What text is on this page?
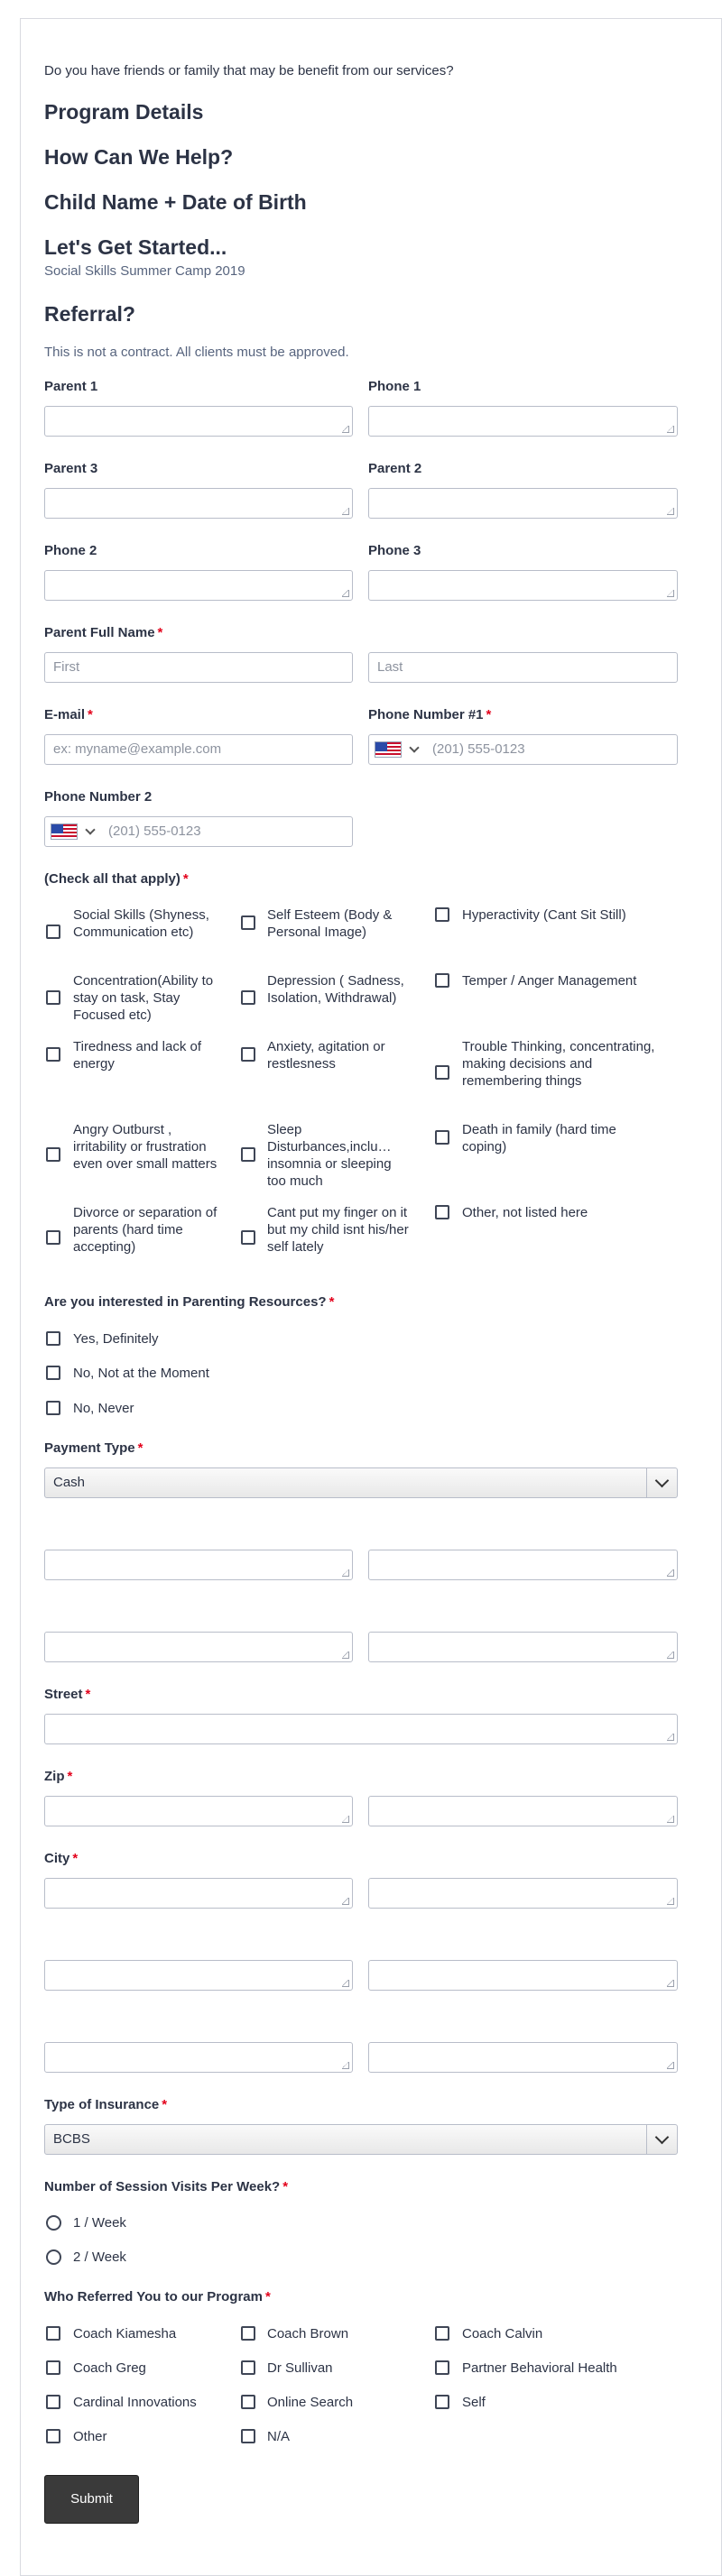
Do you have friends or family that may be benefit from our services?
Program Details
How Can We Help?
Child Name + Date of Birth
Let's Get Started...
Social Skills Summer Camp 2019
Referral?
This is not a contract. All clients must be approved.
Parent 1	Phone 1
Parent 3	Parent 2
Phone 2	Phone 3
Parent Full Name *
First	Last
E-mail *
ex: myname@example.com
Phone Number #1 *
(201) 555-0123
Phone Number 2
(201) 555-0123
(Check all that apply) *
Social Skills (Shyness, Communication etc)
Self Esteem (Body & Personal Image)
Hyperactivity (Cant Sit Still)
Concentration(Ability to stay on task, Stay Focused etc)
Depression ( Sadness, Isolation, Withdrawal)
Temper / Anger Management
Tiredness and lack of energy
Anxiety, agitation or restlesness
Trouble Thinking, concentrating, making decisions and remembering things
Angry Outburst , irritability or frustration even over small matters
Sleep Disturbances,inclu… insomnia or sleeping too much
Death in family (hard time coping)
Divorce or separation of parents (hard time accepting)
Cant put my finger on it but my child isnt his/her self lately
Other, not listed here
Are you interested in Parenting Resources? *
Yes, Definitely
No, Not at the Moment
No, Never
Payment Type *
Cash
Street *
Zip *
City *
Type of Insurance *
BCBS
Number of Session Visits Per Week? *
1 / Week
2 / Week
Who Referred You to our Program *
Coach Kiamesha	Coach Brown	Coach Calvin
Coach Greg	Dr Sullivan	Partner Behavioral Health
Cardinal Innovations	Online Search	Self
Other	N/A
Submit
